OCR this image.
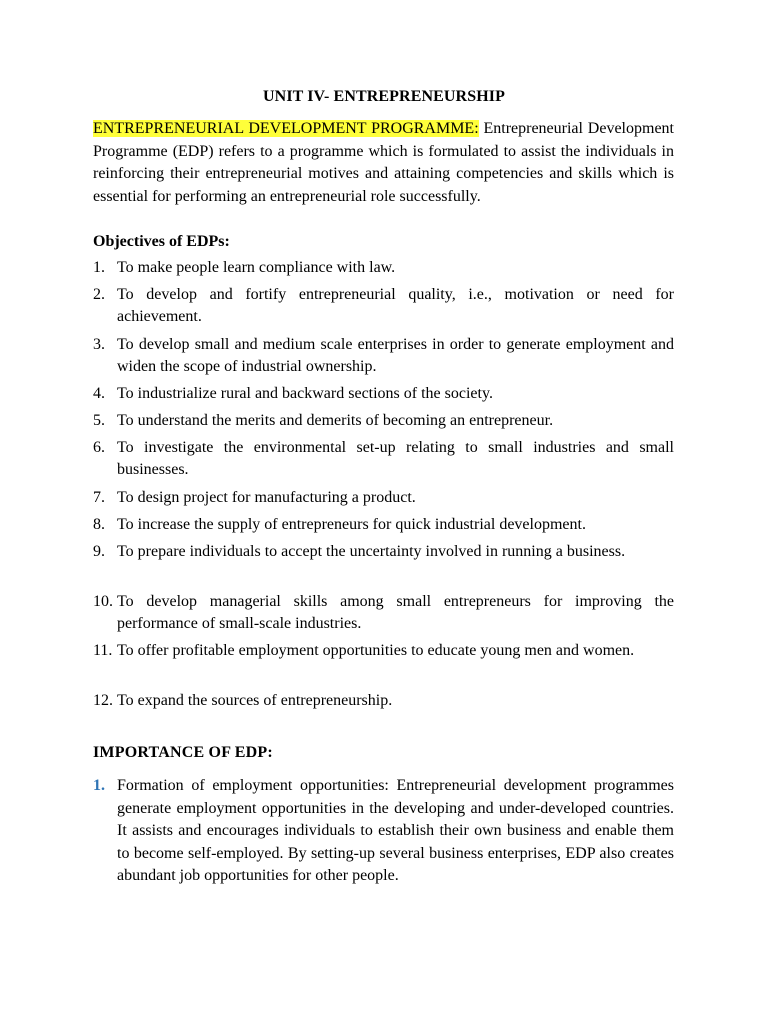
UNIT IV- ENTREPRENEURSHIP

ENTREPRENEURIAL DEVELOPMENT PROGRAMME: Entrepreneurial Development Programme (EDP) refers to a programme which is formulated to assist the individuals in reinforcing their entrepreneurial motives and attaining competencies and skills which is essential for performing an entrepreneurial role successfully.

Objectives of EDPs:
1. To make people learn compliance with law.
2. To develop and fortify entrepreneurial quality, i.e., motivation or need for achievement.
3. To develop small and medium scale enterprises in order to generate employment and widen the scope of industrial ownership.
4. To industrialize rural and backward sections of the society.
5. To understand the merits and demerits of becoming an entrepreneur.
6. To investigate the environmental set-up relating to small industries and small businesses.
7. To design project for manufacturing a product.
8. To increase the supply of entrepreneurs for quick industrial development.
9. To prepare individuals to accept the uncertainty involved in running a business.
10. To develop managerial skills among small entrepreneurs for improving the performance of small-scale industries.
11. To offer profitable employment opportunities to educate young men and women.
12. To expand the sources of entrepreneurship.
IMPORTANCE OF EDP:
1. Formation of employment opportunities: Entrepreneurial development programmes generate employment opportunities in the developing and under-developed countries. It assists and encourages individuals to establish their own business and enable them to become self-employed. By setting-up several business enterprises, EDP also creates abundant job opportunities for other people.
